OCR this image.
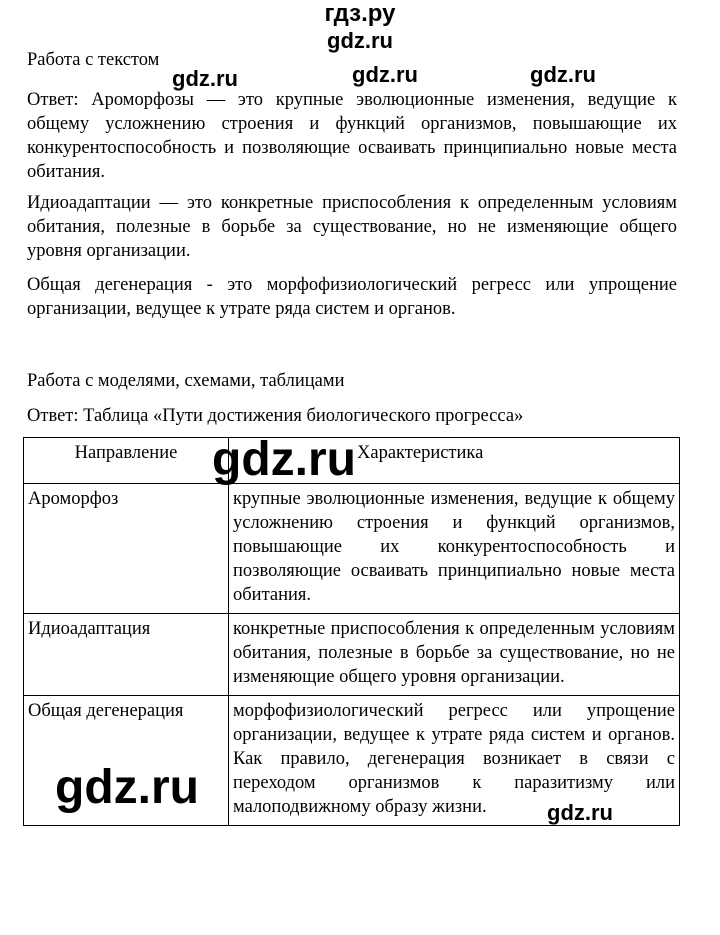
гдз.ру
Работа с текстом
Ответ: Ароморфозы — это крупные эволюционные изменения, ведущие к общему усложнению строения и функций организмов, повышающие их конкурентоспособность и позволяющие осваивать принципиально новые места обитания.
Идиоадаптации — это конкретные приспособления к определенным условиям обитания, полезные в борьбе за существование, но не изменяющие общего уровня организации.
Общая дегенерация - это морфофизиологический регресс или упрощение организации, ведущее к утрате ряда систем и органов.
Работа с моделями, схемами, таблицами
Ответ: Таблица «Пути достижения биологического прогресса»
Направление	Характеристика
Ароморфоз	крупные эволюционные изменения, ведущие к общему усложнению строения и функций организмов, повышающие их конкурентоспособность и позволяющие осваивать принципиально новые места обитания.
Идиоадаптация	конкретные приспособления к определенным условиям обитания, полезные в борьбе за существование, но не изменяющие общего уровня организации.
Общая дегенерация	морфофизиологический регресс или упрощение организации, ведущее к утрате ряда систем и органов. Как правило, дегенерация возникает в связи с переходом организмов к паразитизму или малоподвижному образу жизни.
gdz.ru	gdz.ru	gdz.ru
gdz.ru
gdz.ru	gdz.ru
gdz.ru
